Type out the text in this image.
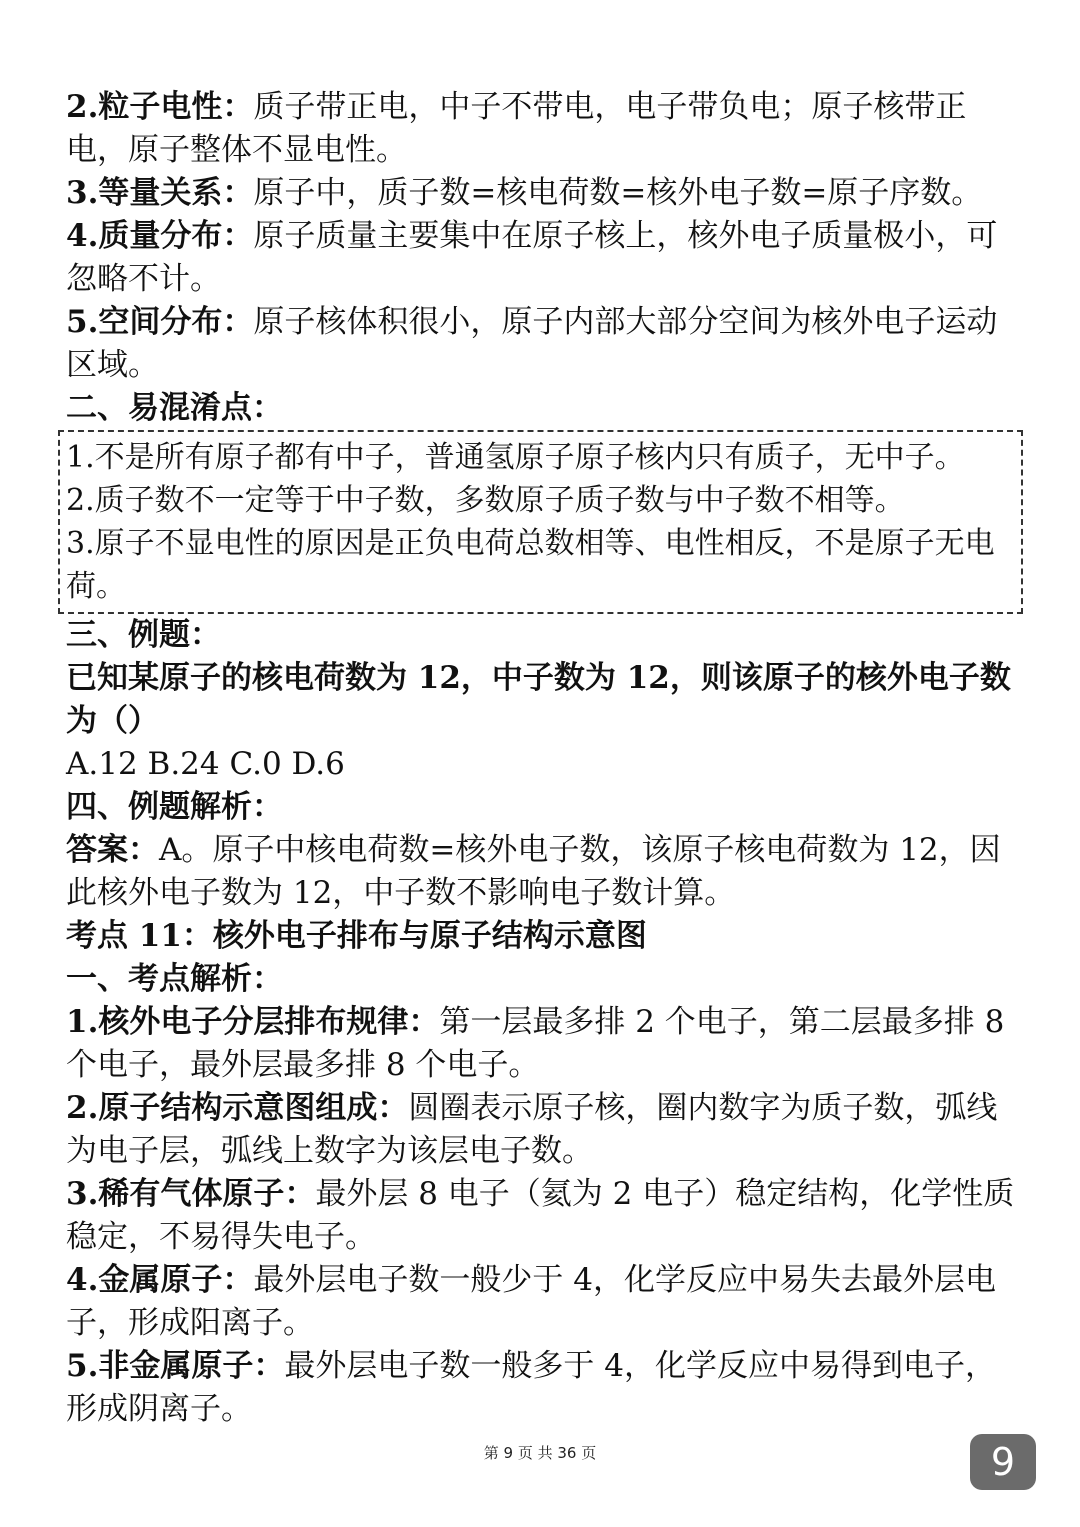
2.粒子电性：质子带正电，中子不带电，电子带负电；原子核带正电，原子整体不显电性。
3.等量关系：原子中，质子数=核电荷数=核外电子数=原子序数。
4.质量分布：原子质量主要集中在原子核上，核外电子质量极小，可忽略不计。
5.空间分布：原子核体积很小，原子内部大部分空间为核外电子运动区域。
二、易混淆点：
1.不是所有原子都有中子，普通氢原子原子核内只有质子，无中子。
2.质子数不一定等于中子数，多数原子质子数与中子数不相等。
3.原子不显电性的原因是正负电荷总数相等、电性相反，不是原子无电荷。
三、例题：
已知某原子的核电荷数为 12，中子数为 12，则该原子的核外电子数为（）
A.12 B.24 C.0 D.6
四、例题解析：
答案：A。原子中核电荷数=核外电子数，该原子核电荷数为 12，因此核外电子数为 12，中子数不影响电子数计算。
考点 11：核外电子排布与原子结构示意图
一、考点解析：
1.核外电子分层排布规律：第一层最多排 2 个电子，第二层最多排 8 个电子，最外层最多排 8 个电子。
2.原子结构示意图组成：圆圈表示原子核，圈内数字为质子数，弧线为电子层，弧线上数字为该层电子数。
3.稀有气体原子：最外层 8 电子（氦为 2 电子）稳定结构，化学性质稳定，不易得失电子。
4.金属原子：最外层电子数一般少于 4，化学反应中易失去最外层电子，形成阳离子。
5.非金属原子：最外层电子数一般多于 4，化学反应中易得到电子，形成阴离子。
第 9 页 共 36 页	9
